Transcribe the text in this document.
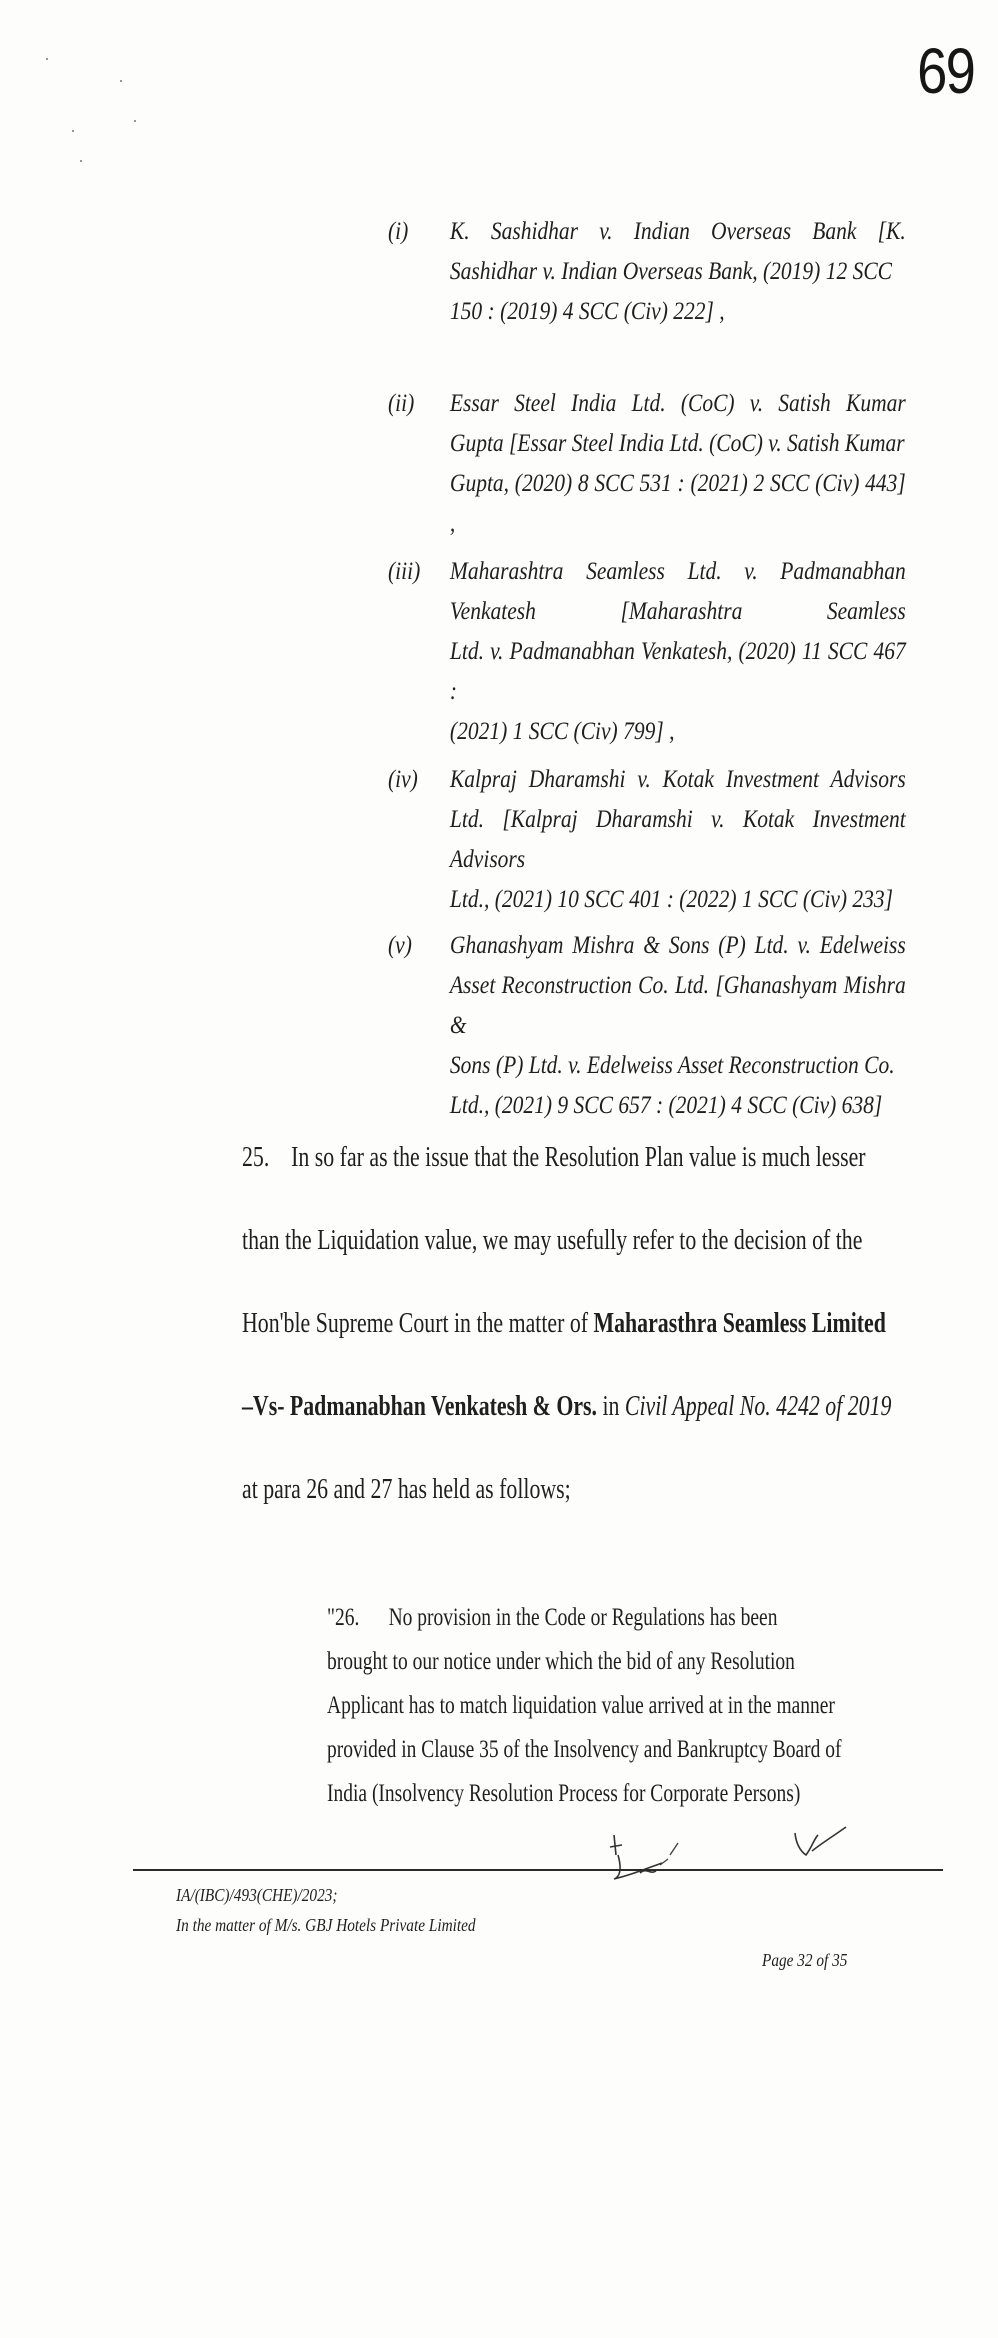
69
(i) K. Sashidhar v. Indian Overseas Bank [K.
Sashidhar v. Indian Overseas Bank, (2019) 12 SCC
150 : (2019) 4 SCC (Civ) 222] ,
(ii) Essar Steel India Ltd. (CoC) v. Satish Kumar
Gupta [Essar Steel India Ltd. (CoC) v. Satish Kumar
Gupta, (2020) 8 SCC 531 : (2021) 2 SCC (Civ) 443] ,
(iii) Maharashtra Seamless Ltd. v. Padmanabhan
Venkatesh [Maharashtra Seamless
Ltd. v. Padmanabhan Venkatesh, (2020) 11 SCC 467 :
(2021) 1 SCC (Civ) 799] ,
(iv) Kalpraj Dharamshi v. Kotak Investment Advisors
Ltd. [Kalpraj Dharamshi v. Kotak Investment Advisors
Ltd., (2021) 10 SCC 401 : (2022) 1 SCC (Civ) 233]
(v) Ghanashyam Mishra & Sons (P) Ltd. v. Edelweiss
Asset Reconstruction Co. Ltd. [Ghanashyam Mishra &
Sons (P) Ltd. v. Edelweiss Asset Reconstruction Co.
Ltd., (2021) 9 SCC 657 : (2021) 4 SCC (Civ) 638]
25. In so far as the issue that the Resolution Plan value is much lesser
than the Liquidation value, we may usefully refer to the decision of the
Hon'ble Supreme Court in the matter of Maharasthra Seamless Limited
–Vs- Padmanabhan Venkatesh & Ors. in Civil Appeal No. 4242 of 2019
at para 26 and 27 has held as follows;
"26.      No provision in the Code or Regulations has been
brought to our notice under which the bid of any Resolution
Applicant has to match liquidation value arrived at in the manner
provided in Clause 35 of the Insolvency and Bankruptcy Board of
India (Insolvency Resolution Process for Corporate Persons)
IA/(IBC)/493(CHE)/2023;
In the matter of M/s. GBJ Hotels Private Limited
Page 32 of 35
